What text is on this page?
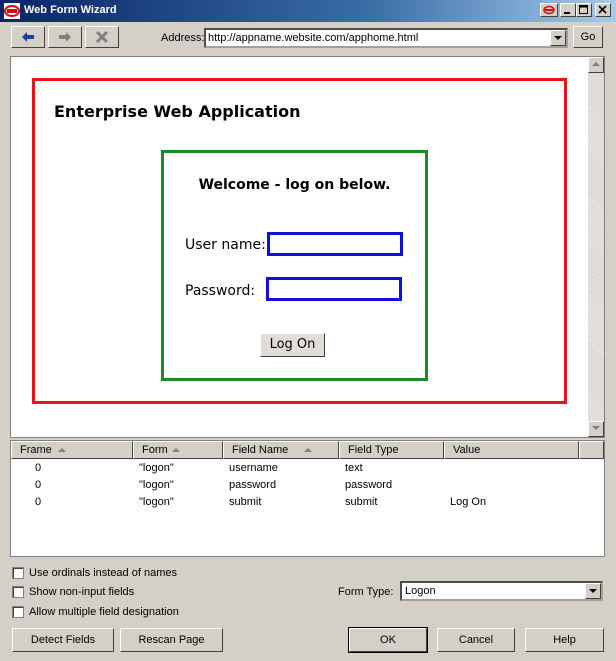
Web Form Wizard
Address:
http://appname.website.com/apphome.html	Go
Enterprise Web Application
Welcome - log on below.
User name:
Password:
Log On
Frame	Form	Field Name	Field Type	Value
0	"logon"	username	text
0	"logon"	password	password
0	"logon"	submit	submit	Log On
Use ordinals instead of names
Show non-input fields
Allow multiple field designation
Form Type: Logon
Detect Fields	Rescan Page	OK	Cancel	Help
